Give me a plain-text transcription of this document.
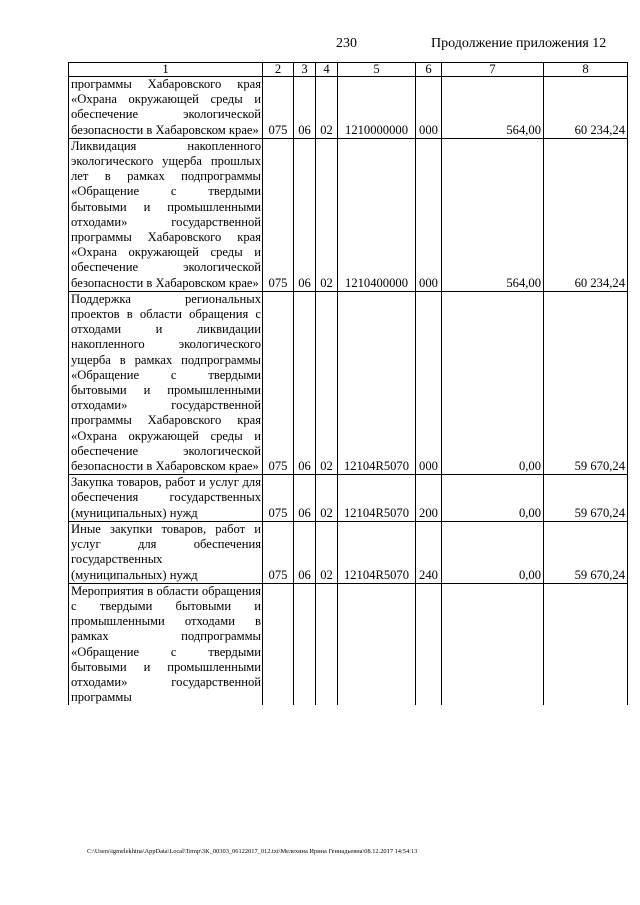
230	Продолжение приложения 12
1	2	3	4	5	6	7	8
программы Хабаровского края «Охрана окружающей среды и обеспечение экологической безопасности в Хабаровском крае»	075	06	02	1210000000	000	564,00	60 234,24
Ликвидация накопленного экологического ущерба прошлых лет в рамках подпрограммы «Обращение с твердыми бытовыми и промышленными отходами» государственной программы Хабаровского края «Охрана окружающей среды и обеспечение экологической безопасности в Хабаровском крае»	075	06	02	1210400000	000	564,00	60 234,24
Поддержка региональных проектов в области обращения с отходами и ликвидации накопленного экологического ущерба в рамках подпрограммы «Обращение с твердыми бытовыми и промышленными отходами» государственной программы Хабаровского края «Охрана окружающей среды и обеспечение экологической безопасности в Хабаровском крае»	075	06	02	12104R5070	000	0,00	59 670,24
Закупка товаров, работ и услуг для обеспечения государственных (муниципальных) нужд	075	06	02	12104R5070	200	0,00	59 670,24
Иные закупки товаров, работ и услуг для обеспечения государственных (муниципальных) нужд	075	06	02	12104R5070	240	0,00	59 670,24
Мероприятия в области обращения с твердыми бытовыми и промышленными отходами в рамках подпрограммы «Обращение с твердыми бытовыми и промышленными отходами» государственной программы							
C:\Users\igmelekhina\AppData\Local\Temp\3K_00303_06122017_012.txt\Мелехина Ирина Геннадьевна\08.12.2017 14:54:13
